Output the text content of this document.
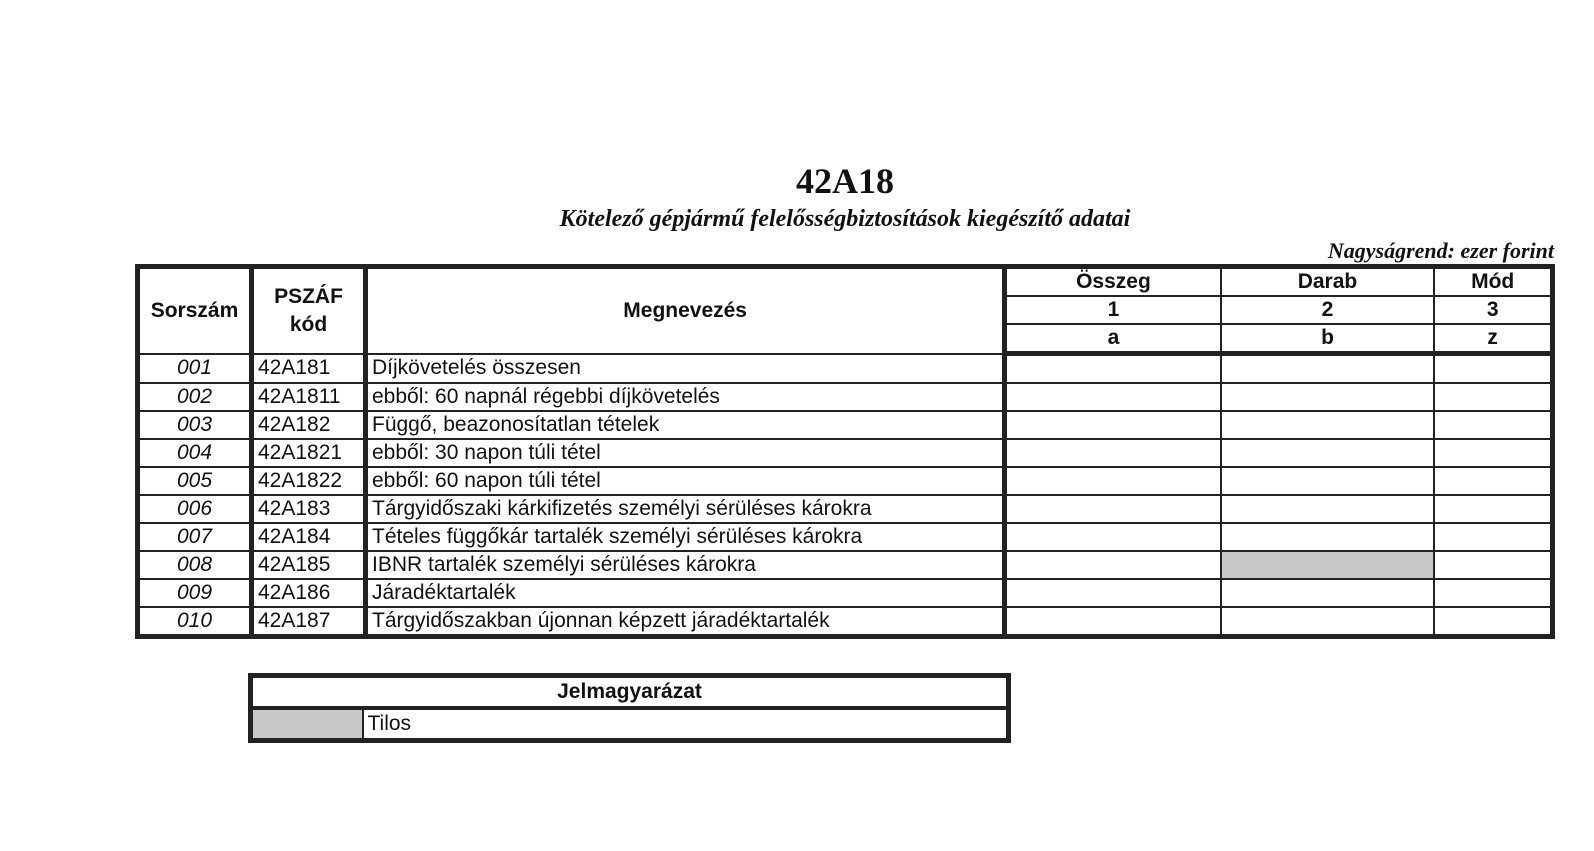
42A18
Kötelező gépjármű felelősségbiztosítások kiegészítő adatai
Nagyságrend: ezer forint
Sorszám	PSZÁF kód	Megnevezés	Összeg	Darab	Mód
			1	2	3
			a	b	z
001	42A181	Díjkövetelés összesen			
002	42A1811	ebből: 60 napnál régebbi díjkövetelés			
003	42A182	Függő, beazonosítatlan tételek			
004	42A1821	ebből: 30 napon túli tétel			
005	42A1822	ebből: 60 napon túli tétel			
006	42A183	Tárgyidőszaki kárkifizetés személyi sérüléses károkra			
007	42A184	Tételes függőkár tartalék személyi sérüléses károkra			
008	42A185	IBNR tartalék személyi sérüléses károkra			
009	42A186	Járadéktartalék			
010	42A187	Tárgyidőszakban újonnan képzett járadéktartalék			
Jelmagyarázat
	Tilos
